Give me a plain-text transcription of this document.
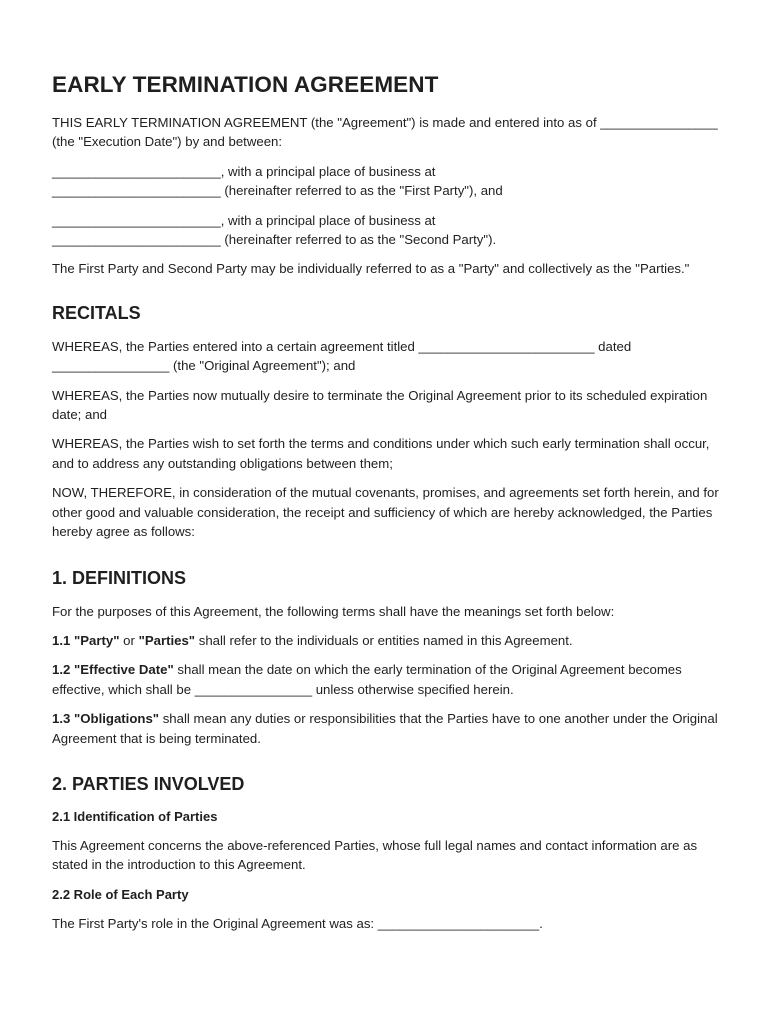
EARLY TERMINATION AGREEMENT

THIS EARLY TERMINATION AGREEMENT (the "Agreement") is made and entered into as of ________________ (the "Execution Date") by and between:

_______________________, with a principal place of business at
_______________________ (hereinafter referred to as the "First Party"), and

_______________________, with a principal place of business at
_______________________ (hereinafter referred to as the "Second Party").

The First Party and Second Party may be individually referred to as a "Party" and collectively as the "Parties."

RECITALS

WHEREAS, the Parties entered into a certain agreement titled ________________________ dated ________________ (the "Original Agreement"); and

WHEREAS, the Parties now mutually desire to terminate the Original Agreement prior to its scheduled expiration date; and

WHEREAS, the Parties wish to set forth the terms and conditions under which such early termination shall occur, and to address any outstanding obligations between them;

NOW, THEREFORE, in consideration of the mutual covenants, promises, and agreements set forth herein, and for other good and valuable consideration, the receipt and sufficiency of which are hereby acknowledged, the Parties hereby agree as follows:

1. DEFINITIONS

For the purposes of this Agreement, the following terms shall have the meanings set forth below:

1.1 "Party" or "Parties" shall refer to the individuals or entities named in this Agreement.

1.2 "Effective Date" shall mean the date on which the early termination of the Original Agreement becomes effective, which shall be ________________ unless otherwise specified herein.

1.3 "Obligations" shall mean any duties or responsibilities that the Parties have to one another under the Original Agreement that is being terminated.

2. PARTIES INVOLVED
2.1 Identification of Parties

This Agreement concerns the above-referenced Parties, whose full legal names and contact information are as stated in the introduction to this Agreement.

2.2 Role of Each Party

The First Party's role in the Original Agreement was as: ______________________.
